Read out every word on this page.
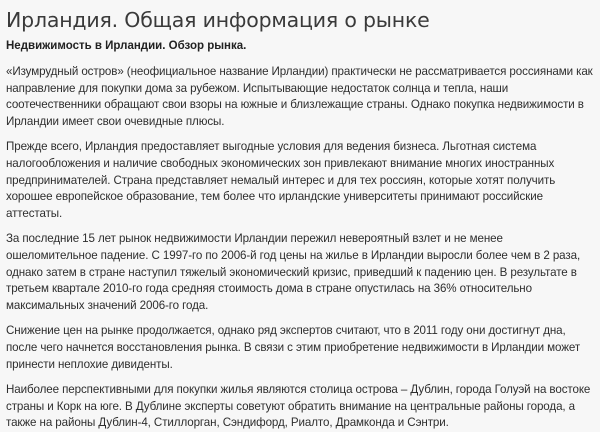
Ирландия. Общая информация о рынке
Недвижимость в Ирландии. Обзор рынка.

«Изумрудный остров» (неофициальное название Ирландии) практически не рассматривается россиянами как направление для покупки дома за рубежом. Испытывающие недостаток солнца и тепла, наши соотечественники обращают свои взоры на южные и близлежащие страны. Однако покупка недвижимости в Ирландии имеет свои очевидные плюсы.

Прежде всего, Ирландия предоставляет выгодные условия для ведения бизнеса. Льготная система налогообложения и наличие свободных экономических зон привлекают внимание многих иностранных предпринимателей. Страна представляет немалый интерес и для тех россиян, которые хотят получить хорошее европейское образование, тем более что ирландские университеты принимают российские аттестаты.

За последние 15 лет рынок недвижимости Ирландии пережил невероятный взлет и не менее ошеломительное падение. С 1997-го по 2006-й год цены на жилье в Ирландии выросли более чем в 2 раза, однако затем в стране наступил тяжелый экономический кризис, приведший к падению цен. В результате в третьем квартале 2010-го года средняя стоимость дома в стране опустилась на 36% относительно максимальных значений 2006-го года.

Снижение цен на рынке продолжается, однако ряд экспертов считают, что в 2011 году они достигнут дна, после чего начнется восстановления рынка. В связи с этим приобретение недвижимости в Ирландии может принести неплохие дивиденты.

Наиболее перспективными для покупки жилья являются столица острова – Дублин, города Голуэй на востоке страны и Корк на юге. В Дублине эксперты советуют обратить внимание на центральные районы города, а также на районы Дублин-4, Стиллорган, Сэндифорд, Риалто, Драмконда и Сэнтри.
